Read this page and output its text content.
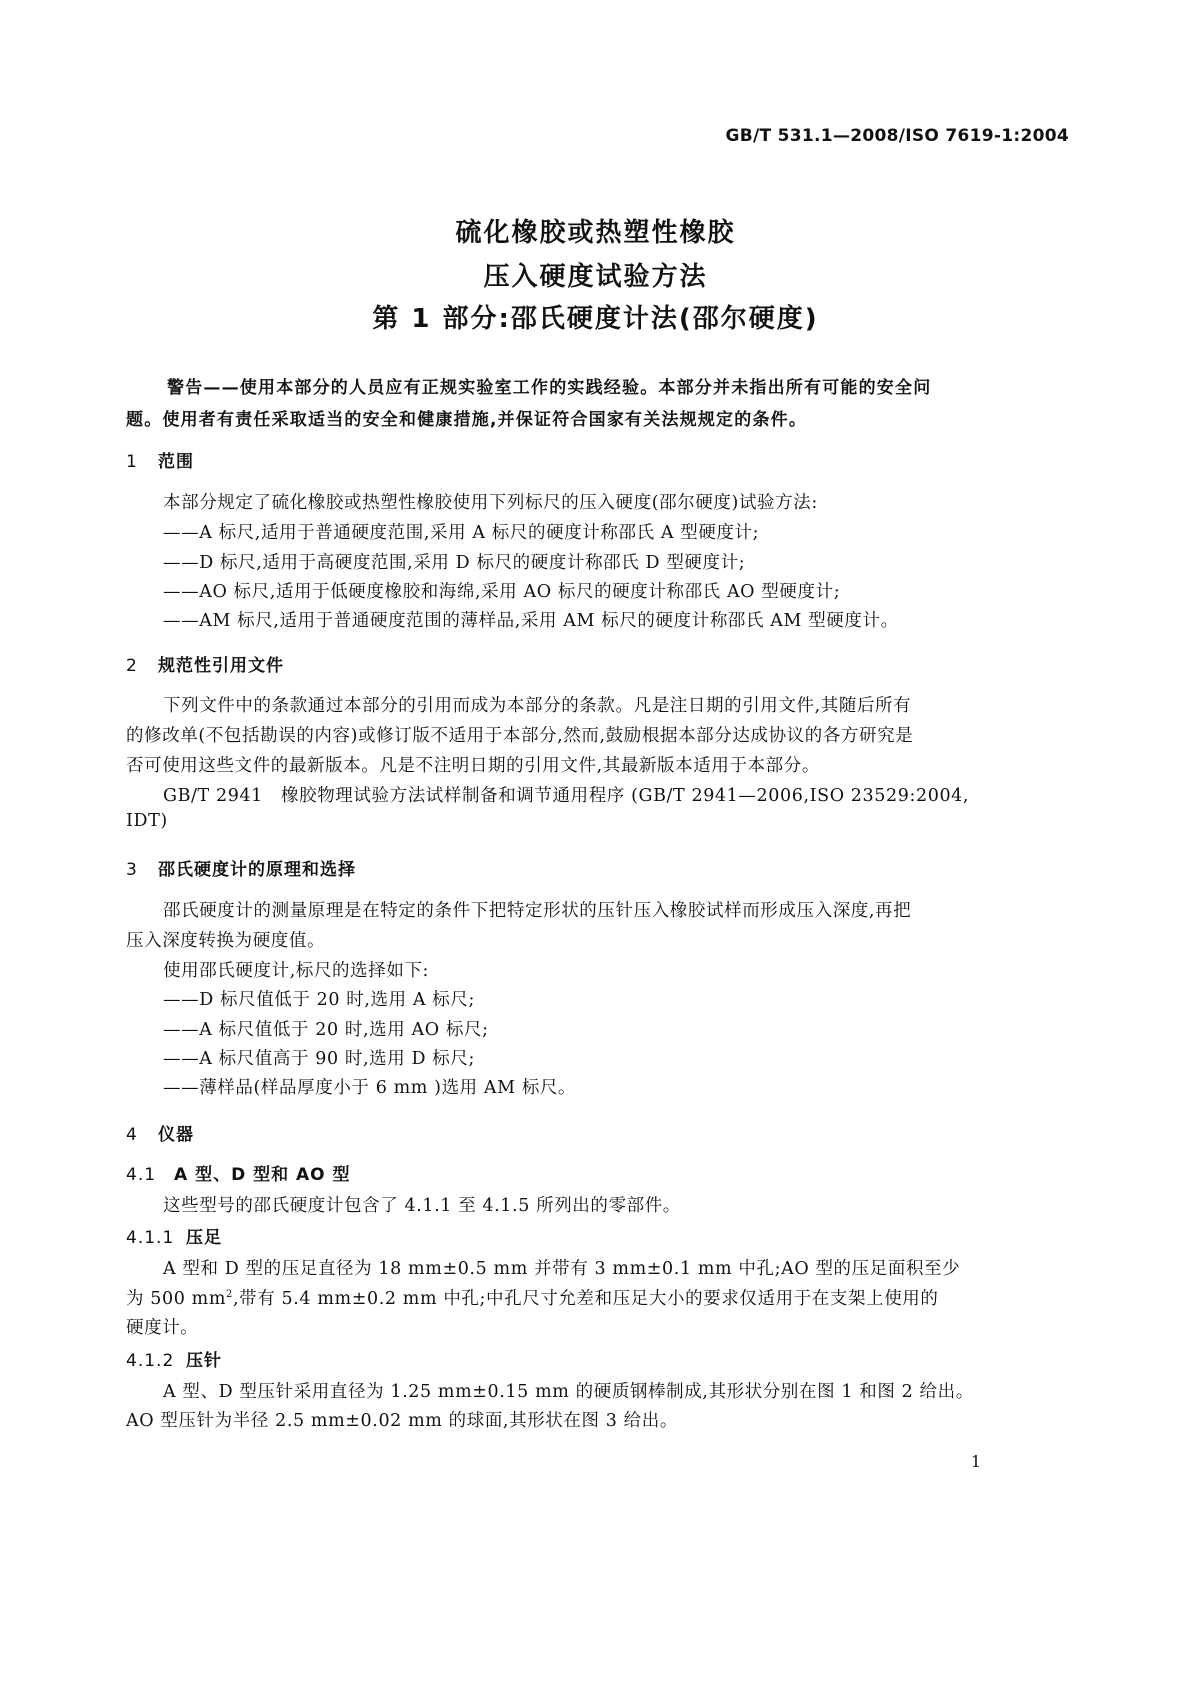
GB/T 531.1—2008/ISO 7619-1:2004
硫化橡胶或热塑性橡胶
压入硬度试验方法
第 1 部分:邵氏硬度计法(邵尔硬度)
警告——使用本部分的人员应有正规实验室工作的实践经验。本部分并未指出所有可能的安全问
题。使用者有责任采取适当的安全和健康措施,并保证符合国家有关法规规定的条件。
1 范围
本部分规定了硫化橡胶或热塑性橡胶使用下列标尺的压入硬度(邵尔硬度)试验方法:
——A 标尺,适用于普通硬度范围,采用 A 标尺的硬度计称邵氏 A 型硬度计;
——D 标尺,适用于高硬度范围,采用 D 标尺的硬度计称邵氏 D 型硬度计;
——AO 标尺,适用于低硬度橡胶和海绵,采用 AO 标尺的硬度计称邵氏 AO 型硬度计;
——AM 标尺,适用于普通硬度范围的薄样品,采用 AM 标尺的硬度计称邵氏 AM 型硬度计。
2 规范性引用文件
下列文件中的条款通过本部分的引用而成为本部分的条款。凡是注日期的引用文件,其随后所有
的修改单(不包括勘误的内容)或修订版不适用于本部分,然而,鼓励根据本部分达成协议的各方研究是
否可使用这些文件的最新版本。凡是不注明日期的引用文件,其最新版本适用于本部分。
GB/T 2941　橡胶物理试验方法试样制备和调节通用程序 (GB/T 2941—2006,ISO 23529:2004,
IDT)
3 邵氏硬度计的原理和选择
邵氏硬度计的测量原理是在特定的条件下把特定形状的压针压入橡胶试样而形成压入深度,再把
压入深度转换为硬度值。
使用邵氏硬度计,标尺的选择如下:
——D 标尺值低于 20 时,选用 A 标尺;
——A 标尺值低于 20 时,选用 AO 标尺;
——A 标尺值高于 90 时,选用 D 标尺;
——薄样品(样品厚度小于 6 mm )选用 AM 标尺。
4 仪器
4.1 A 型、D 型和 AO 型
这些型号的邵氏硬度计包含了 4.1.1 至 4.1.5 所列出的零部件。
4.1.1 压足
A 型和 D 型的压足直径为 18 mm±0.5 mm 并带有 3 mm±0.1 mm 中孔;AO 型的压足面积至少
为 500 $mm^2$,带有 5.4 mm±0.2 mm 中孔;中孔尺寸允差和压足大小的要求仅适用于在支架上使用的
硬度计。
4.1.2 压针
A 型、D 型压针采用直径为 1.25 mm±0.15 mm 的硬质钢棒制成,其形状分别在图 1 和图 2 给出。
AO 型压针为半径 2.5 mm±0.02 mm 的球面,其形状在图 3 给出。
1
